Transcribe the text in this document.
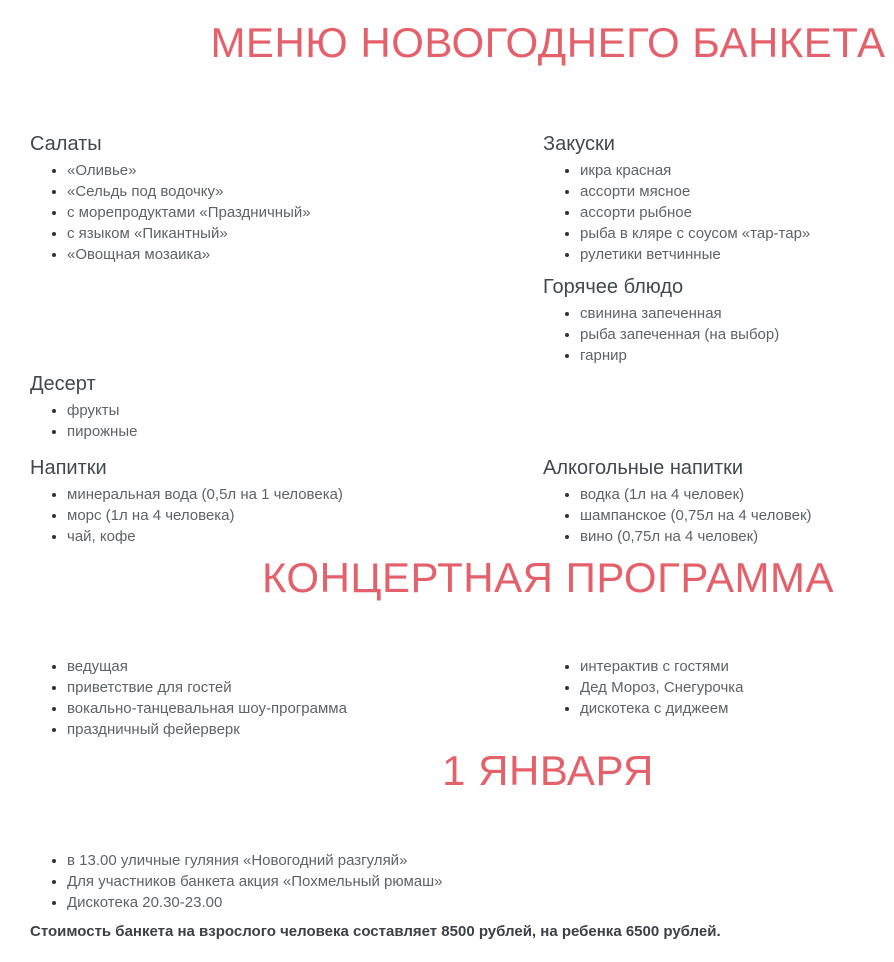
МЕНЮ НОВОГОДНЕГО БАНКЕТА
Салаты
• «Оливье»
• «Сельдь под водочку»
• с морепродуктами «Праздничный»
• с языком «Пикантный»
• «Овощная мозаика»
Десерт
• фрукты
• пирожные
Напитки
• минеральная вода (0,5л на 1 человека)
• морс (1л на 4 человека)
• чай, кофе
Закуски
• икра красная
• ассорти мясное
• ассорти рыбное
• рыба в кляре с соусом «тар-тар»
• рулетики ветчинные
Горячее блюдо
• свинина запеченная
• рыба запеченная (на выбор)
• гарнир
Алкогольные напитки
• водка (1л на 4 человек)
• шампанское (0,75л на 4 человек)
• вино (0,75л на 4 человек)
КОНЦЕРТНАЯ ПРОГРАММА
• ведущая
• приветствие для гостей
• вокально-танцевальная шоу-программа
• праздничный фейерверк
• интерактив с гостями
• Дед Мороз, Снегурочка
• дискотека с диджеем
1 ЯНВАРЯ
• в 13.00 уличные гуляния «Новогодний разгуляй»
• Для участников банкета акция «Похмельный рюмаш»
• Дискотека 20.30-23.00

Стоимость банкета на взрослого человека составляет 8500 рублей, на ребенка 6500 рублей.
